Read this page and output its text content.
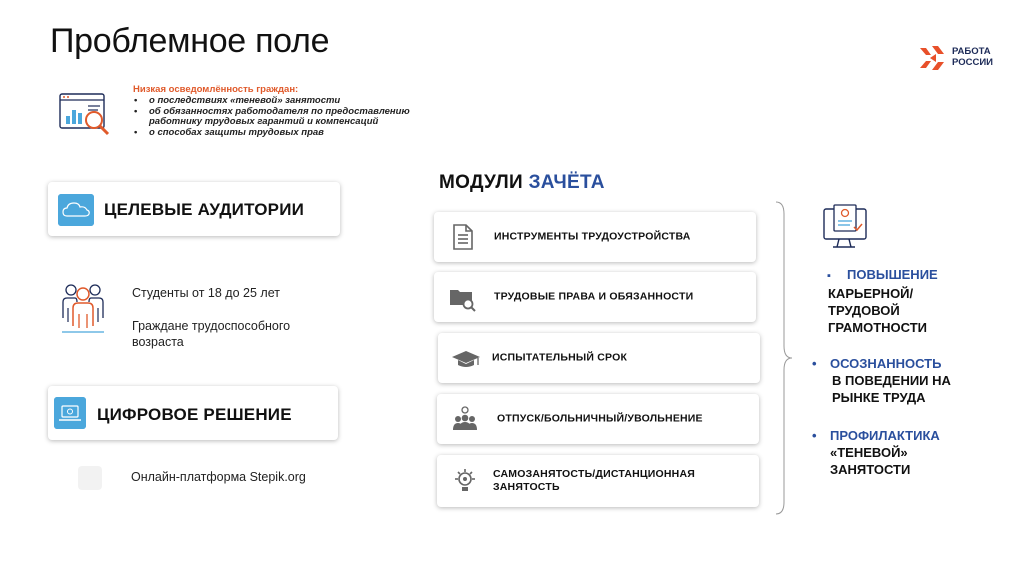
Проблемное поле	РАБОТА
РОССИИ
Низкая осведомлённость граждан:
• о последствиях «теневой» занятости
• об обязанностях работодателя по предоставлению работнику трудовых гарантий и компенсаций
• о способах защиты трудовых прав
ЦЕЛЕВЫЕ АУДИТОРИИ
Студенты от 18 до 25 лет
Граждане трудоспособного возраста
ЦИФРОВОЕ РЕШЕНИЕ
Онлайн-платформа Stepik.org
МОДУЛИ ЗАЧЁТА
ИНСТРУМЕНТЫ ТРУДОУСТРОЙСТВА
ТРУДОВЫЕ ПРАВА И ОБЯЗАННОСТИ
ИСПЫТАТЕЛЬНЫЙ СРОК
ОТПУСК/БОЛЬНИЧНЫЙ/УВОЛЬНЕНИЕ
САМОЗАНЯТОСТЬ/ДИСТАНЦИОННАЯ ЗАНЯТОСТЬ
▪ ПОВЫШЕНИЕ
КАРЬЕРНОЙ/ ТРУДОВОЙ ГРАМОТНОСТИ
• ОСОЗНАННОСТЬ
В ПОВЕДЕНИИ НА РЫНКЕ ТРУДА
• ПРОФИЛАКТИКА
«ТЕНЕВОЙ» ЗАНЯТОСТИ
